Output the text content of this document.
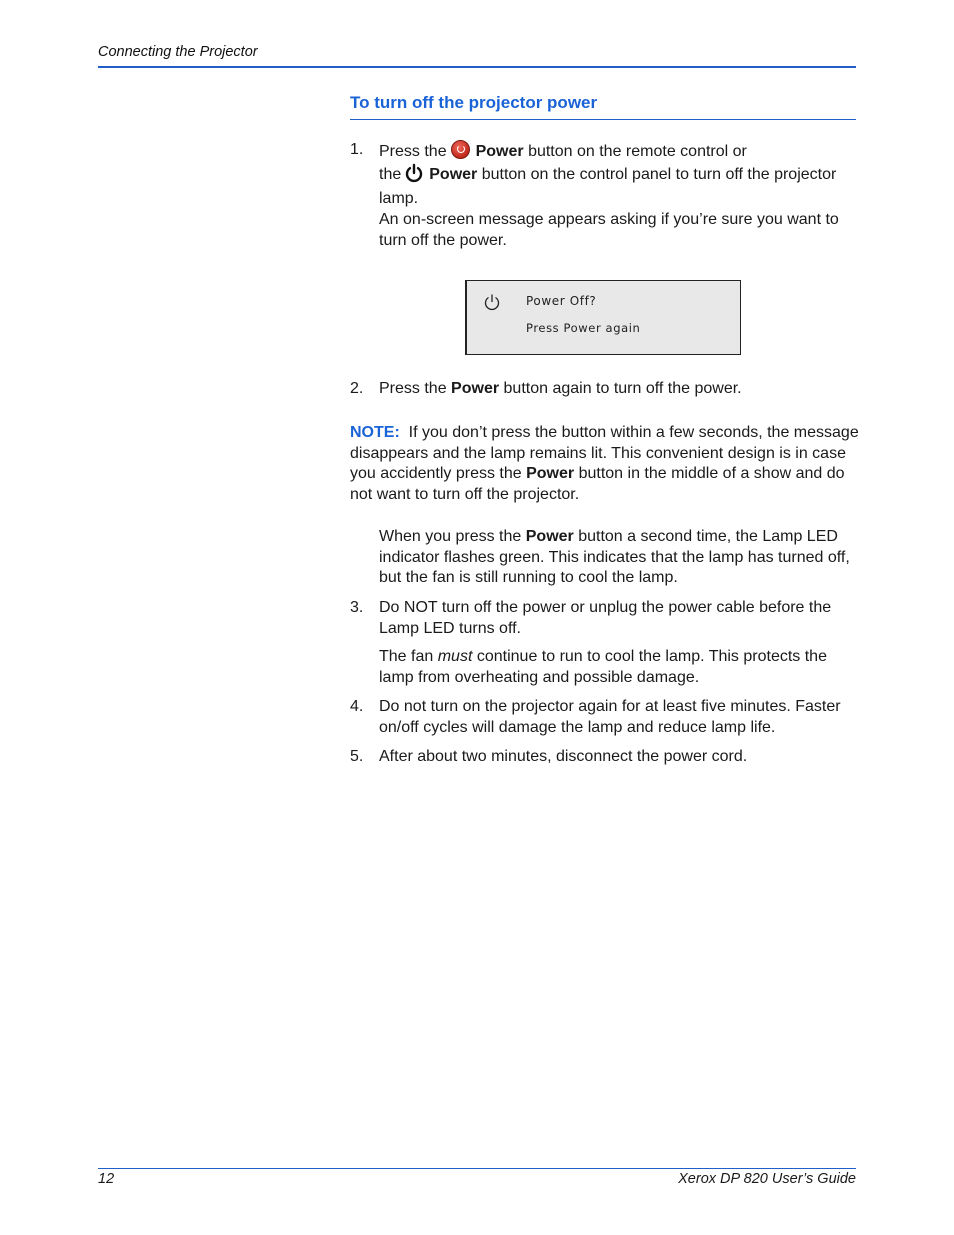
Connecting the Projector
To turn off the projector power
1. Press the Power button on the remote control or
the Power button on the control panel to turn off the projector lamp.
An on-screen message appears asking if you’re sure you want to turn off the power.
Power Off?
Press Power again
2. Press the Power button again to turn off the power.
NOTE: If you don’t press the button within a few seconds, the message disappears and the lamp remains lit. This convenient design is in case you accidently press the Power button in the middle of a show and do not want to turn off the projector.
When you press the Power button a second time, the Lamp LED indicator flashes green. This indicates that the lamp has turned off, but the fan is still running to cool the lamp.
3. Do NOT turn off the power or unplug the power cable before the Lamp LED turns off.
The fan must continue to run to cool the lamp. This protects the lamp from overheating and possible damage.
4. Do not turn on the projector again for at least five minutes. Faster on/off cycles will damage the lamp and reduce lamp life.
5. After about two minutes, disconnect the power cord.
12	Xerox DP 820 User’s Guide
